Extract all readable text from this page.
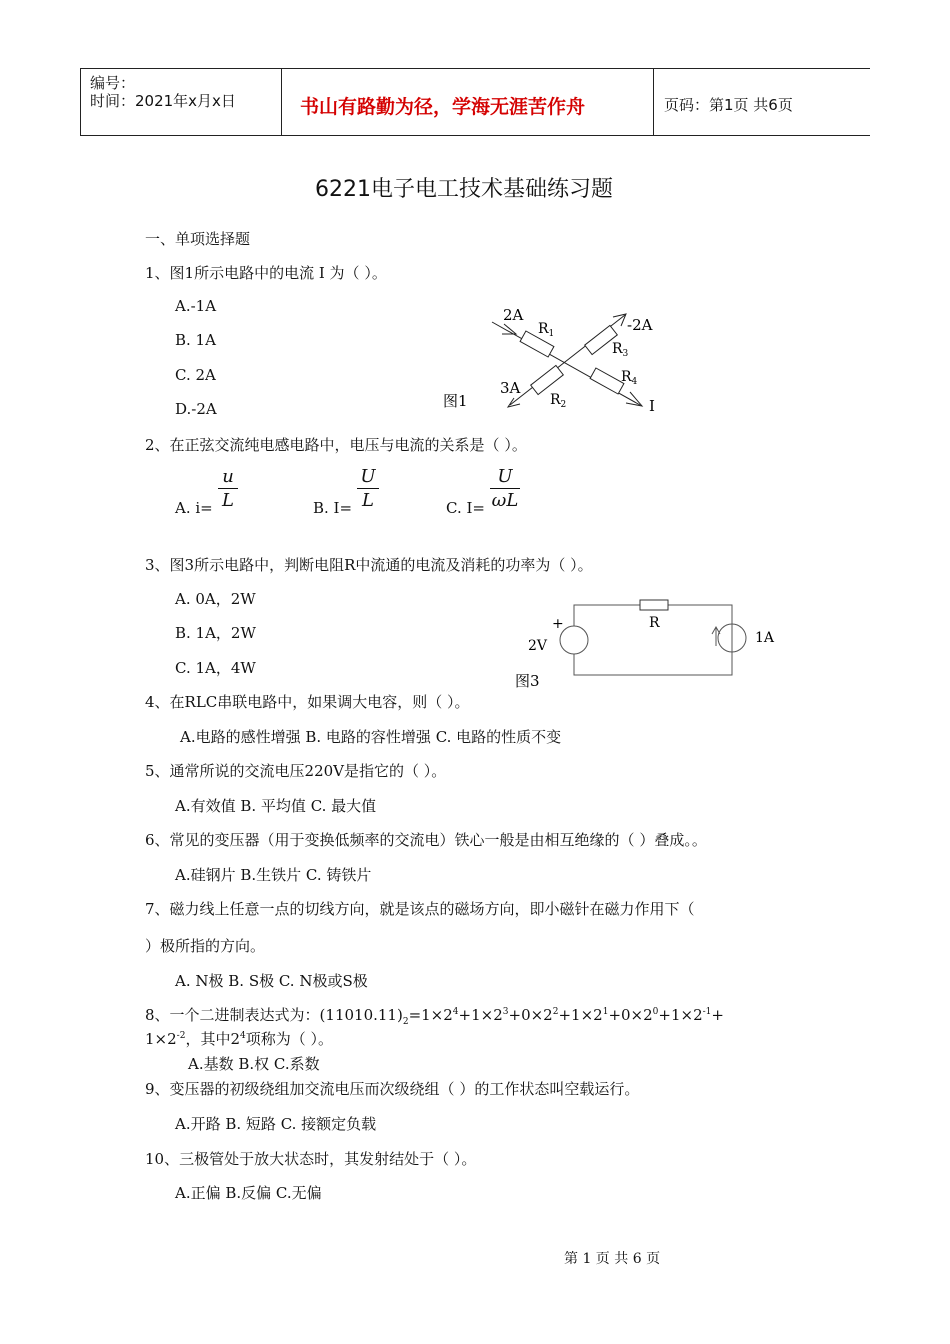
编号：
时间：2021年x月x日	书山有路勤为径，学海无涯苦作舟	页码：第1页 共6页
6221电子电工技术基础练习题
一、单项选择题
1、图1所示电路中的电流 I 为（ ）。
A.-1A
B. 1A
C. 2A
D.-2A
2A
-2A
3A
I
$R_1$
$R_3$
$R_2$
$R_4$
图1
2、在正弦交流纯电感电路中，电压与电流的关系是（ ）。
A. i=
u
L	B. I=
U
L	C. I=
U
ωL
3、图3所示电路中，判断电阻R中流通的电流及消耗的功率为（ ）。
A. 0A，2W
B. 1A，2W
C. 1A，4W
+
2V
R
1A
图3
4、在RLC串联电路中，如果调大电容，则（ ）。
A.电路的感性增强 B. 电路的容性增强 C. 电路的性质不变
5、通常所说的交流电压220V是指它的（ ）。
A.有效值 B. 平均值 C. 最大值
6、常见的变压器（用于变换低频率的交流电）铁心一般是由相互绝缘的（ ）叠成。。
A.硅钢片 B.生铁片 C. 铸铁片
7、磁力线上任意一点的切线方向，就是该点的磁场方向，即小磁针在磁力作用下（
）极所指的方向。
A. N极 B. S极 C. N极或S极
8、一个二进制表达式为：$(11010.11)_2=1\times 2^4+1\times 2^3+0\times 2^2+1\times 2^1+0\times 2^0+1\times 2^{-1}+$
$1\times 2^{-2}$，其中$2^4$项称为（ ）。
A.基数 B.权 C.系数
9、变压器的初级绕组加交流电压而次级绕组（ ）的工作状态叫空载运行。
A.开路 B. 短路 C. 接额定负载
10、三极管处于放大状态时，其发射结处于（ ）。
A.正偏 B.反偏 C.无偏
第 1 页 共 6 页
